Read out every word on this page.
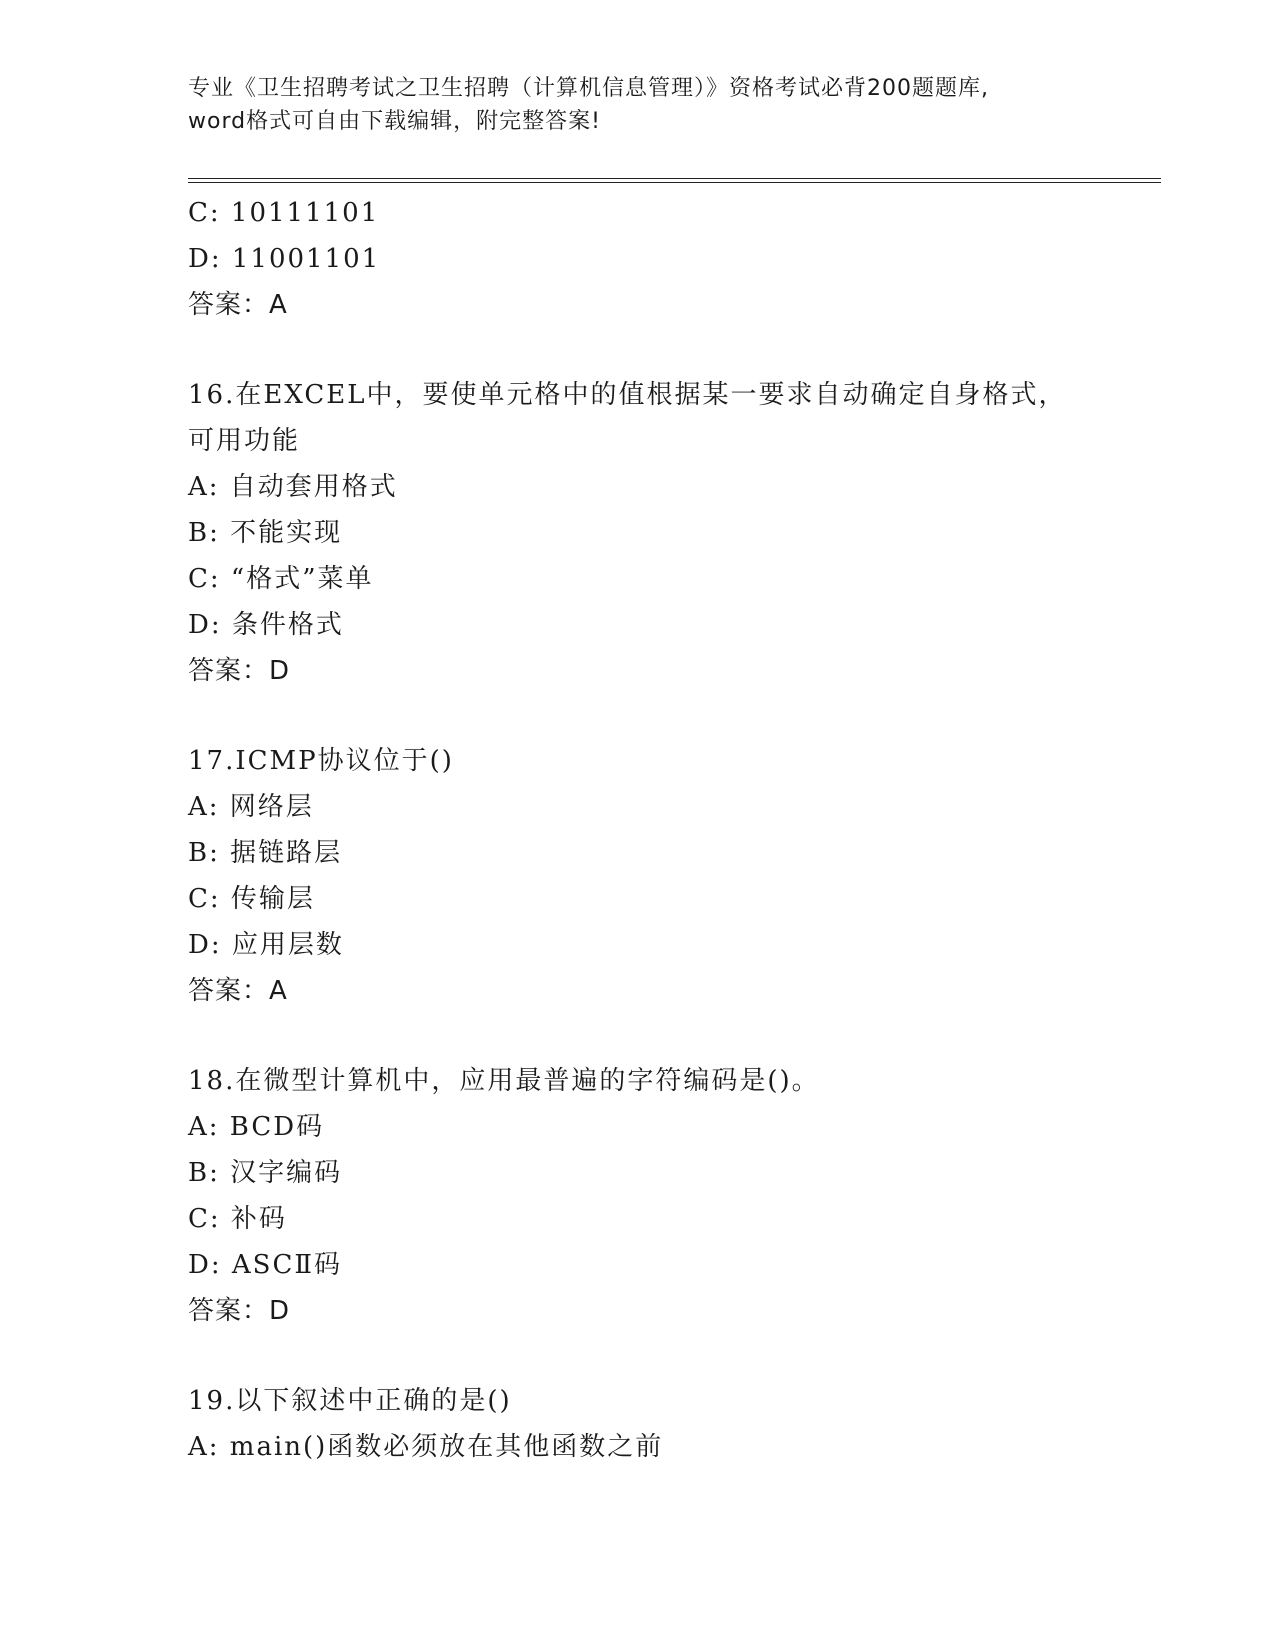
专业《卫生招聘考试之卫生招聘（计算机信息管理）》资格考试必背200题题库,
word格式可自由下载编辑，附完整答案!
C: 10111101
D: 11001101
答案：A
16.在EXCEL中，要使单元格中的值根据某一要求自动确定自身格式，
可用功能
A: 自动套用格式
B: 不能实现
C: “格式”菜单
D: 条件格式
答案：D
17.ICMP协议位于()
A: 网络层
B: 据链路层
C: 传输层
D: 应用层数
答案：A
18.在微型计算机中，应用最普遍的字符编码是()。
A: BCD码
B: 汉字编码
C: 补码
D: ASCⅡ码
答案：D
19.以下叙述中正确的是()
A: main()函数必须放在其他函数之前
